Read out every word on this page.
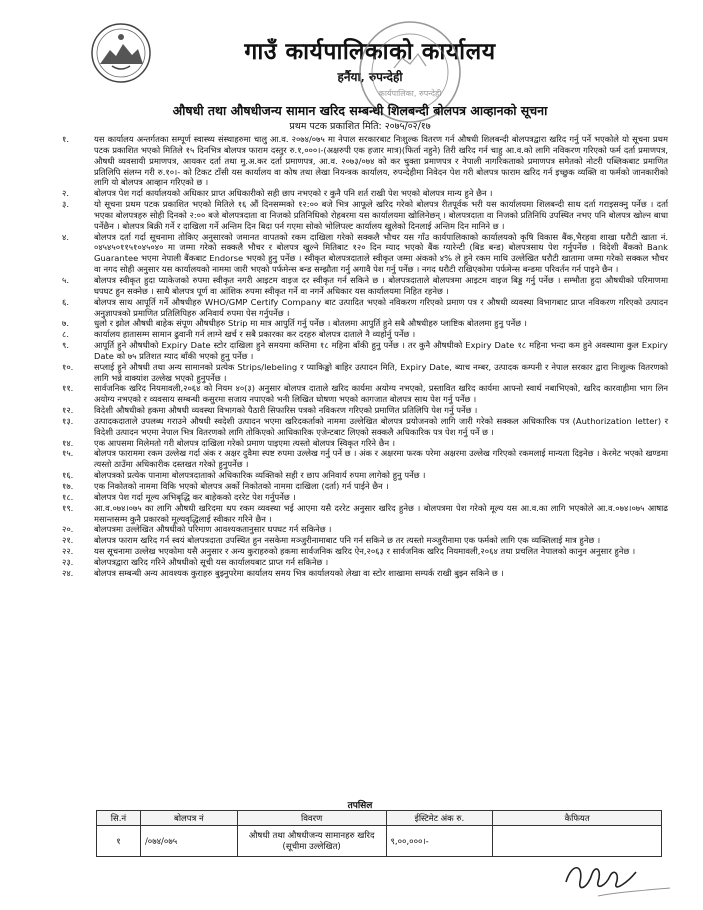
गाउँ कार्यपालिकाको कार्यालय
हर्नैया, रुपन्देही
कार्यपालिका, रुपन्देही
औषधी तथा औषधीजन्य सामान खरिद सम्बन्धी शिलबन्दी बोलपत्र आव्हानको सूचना
प्रथम पटक प्रकाशित मिति: २०७५/०२/१७
१.	यस कार्यालय अन्तर्गतका सम्पूर्ण स्वास्थ्य संस्थाहरुमा चालु आ.व. २०७४/०७५ मा नेपाल सरकारबाट निःशुल्क वितरण गर्न औषधी शिलबन्दी बोलपत्रद्वारा खरिद गर्नु पर्ने भएकोले यो सूचना प्रथम पटक प्रकाशित भएको मितिले १५ दिनभित्र बोलपत्र फाराम दस्तुर रु.१,०००।-(अक्षरुपी एक हजार मात्र)(फिर्ता नहुने) तिरी खरिद गर्न चाहु आ.व.को लागि नविकरण गरिएको फर्म दर्ता प्रमाणपत्र, औषधी व्यवसायी प्रमाणपत्र, आयकर दर्ता तथा मु.अ.कर दर्ता प्रमाणपत्र, आ.व. २०७३/०७४ को कर चुक्ता प्रमाणपत्र र नेपाली नागरिकताको प्रमाणपत्र समेतको नोटरी पब्लिकबाट प्रमाणित प्रतिलिपि संलग्न गरी रु.१०।- को टिकट टाँसी यस कार्यालय वा कोष तथा लेखा नियन्त्रक कार्यालय, रुपन्देहीमा निवेदन पेश गरी बोलपत्र फाराम खरिद गर्न इच्छुक व्यक्ति वा फर्मको जानकारीको लागि यो बोलपत्र आव्हान गरिएको छ ।
२.	बोलपत्र पेश गर्दा कार्यालयको अधिकार प्राप्त अधिकारीको सही छाप नभएको र कुनै पनि शर्त राखी पेश भएको बोलपत्र मान्य हुने छैन ।
३.	यो सूचना प्रथम पटक प्रकाशित भएको मितिले १६ औं दिनसम्मको १२:०० बजे भित्र आफूले खरिद गरेको बोलपत्र रीतपूर्वक भरी यस कार्यालयमा शिलबन्दी साथ दर्ता गराइसक्नु पर्नेछ । दर्ता भएका बोलपत्रहरु सोही दिनको २:०० बजे बोलपत्रदाता वा निजको प्रतिनिधिको रोहबरमा यस कार्यालयमा खोलिनेछन् । बोलपत्रदाता वा निजको प्रतिनिधि उपस्थित नभए पनि बोलपत्र खोल्न बाधा पर्नेछैन । बोलपत्र बिक्री गर्ने र दाखिला गर्ने अन्तिम दिन बिदा पर्न गएमा सोको भोलिपल्ट कार्यालय खुलेको दिनलाई अन्तिम दिन मानिने छ ।
४.	बोलपत्र दर्ता गर्दा सूचनामा तोकिए अनुसारको जमानत वापतको रकम दाखिला गरेको सक्कलै भौचर यस गाँउ कार्यपालिकाको कार्यालयको कृषि विकास बैंक,भैरहवा शाखा धरौटी खाता नं. ०४५४५०११५१०४५०४० मा जम्मा गरेको सक्कलै भौचर र बोलपत्र खुल्ने मितिबाट १२० दिन म्याद भएको बैंक ग्यारेन्टी (बिड बन्ड) बोलपत्रसाथ पेश गर्नुपर्नेछ । विदेशी बैंकको Bank Guarantee भएमा नेपाली बैंकबाट Endorse भएको हुनु पर्नेछ । स्वीकृत बोलपत्रदाताले स्वीकृत जम्मा अंकको ४% ले हुने रकम माथि उल्लेखित धरौटी खातामा जम्मा गरेको सक्कल भौचर वा नगद सोही अनुसार यस कार्यालयको नाममा जारी भएको पर्फमेन्स बन्ड सम्झौता गर्नु अगावै पेश गर्नु पर्नेछ । नगद धरौटी राखिएकोमा पर्फमेन्स बन्डमा परिवर्तन गर्न पाइने छैन ।
५.	बोलपत्र स्वीकृत हुदा प्याकेजको रुपमा स्वीकृत नगरी आइटम वाइज दर स्वीकृत गर्न सकिने छ । बोलपत्रदाताले बोलपत्रमा आइटम वाइज बिड्ड गर्नु पर्नेछ । सम्भौता हुदा औषधीको परिमाणमा घपघट हुन सक्नेछ । साथै बोलपत्र पूर्ण वा आंशिक रुपमा स्वीकृत गर्ने वा नगर्ने अधिकार यस कार्यालयमा निहित रहनेछ ।
६.	बोलपत्र साथ आपूर्ति गर्ने औषधीहरु WHO/GMP Certify Company बाट उत्पादित भएको नविकरण गरिएको प्रमाण पत्र र औषधी व्यवस्था विभागबाट प्राप्त नविकरण गरिएको उत्पादन अनुज्ञापत्रको प्रमाणित प्रतिलिपिहरु अनिवार्य रुपमा पेस गर्नुपर्नेछ ।
७.	धुलो र झोल औषधी बाहेक संपूण औषधीहरु Strip मा मात्र आपुर्ति गर्नु पर्नेछ । बोतलमा आपुर्ति हुने सबै औषधीहरु प्लाष्टिक बोतलमा हुनु पर्नेछ ।
८.	कार्यालय हातासम्म सामान ढुवानी गर्न लाग्ने खर्च र सबै प्रकारका कर दरहरु बोलपत्र दाताले नै व्यहोर्नु पर्नेछ ।
९.	आपूर्ति हुने औषधीको Expiry Date स्टोर दाखिला हुने समयमा कम्तिमा १८ महिना बाँकी हुनु पर्नेछ । तर कुनै औषधीको Expiry Date १८ महिना भन्दा कम हुने अवस्थामा कुल Expiry Date को ७५ प्रतिशत म्याद बाँकी भएको हुनु पर्नेछ ।
१०.	सप्लाई हुने औषधी तथा अन्य सामानको प्रत्येक Strips/lebeling र प्याकिङ्को बाहिर उत्पादन मिति, Expiry Date, ब्याच नम्बर, उत्पादक कम्पनी र नेपाल सरकार द्वारा निःशुल्क वितरणको लागि भन्ने वाक्यांश उल्लेख भएको हुनुपर्नेछ ।
११.	सार्वजनिक खरिद नियमावली,२०६४ को नियम ४०(३) अनुसार बोलपत्र दाताले खरिद कार्यमा अयोग्य नभएको, प्रस्तावित खरिद कार्यमा आफ्नो स्वार्थ नबाभिएको, खरिद कारवाहीमा भाग लिन अयोग्य नभएको र व्यवसाय सम्बन्धी कसुरमा सजाय नपाएको भनी लिखित घोषणा भएको कागजात बोलपत्र साथ पेश गर्नु पर्नेछ ।
१२.	विदेशी औषधीको हकमा औषधी व्यवस्था विभागको पैठारी सिफारिस पत्रको नविकरण गरिएको प्रमाणित प्रतिलिपि पेश गर्नु पर्नेछ ।
१३.	उत्पादकदाताले उपलब्ध गराउने औषधी स्वदेशी उत्पादन भएमा खरिदकर्ताको नाममा उल्लेखित बोलपत्र प्रयोजनको लागि जारी गरेको सक्कल अधिकारिक पत्र (Authorization letter) र विदेशी उत्पादन भएमा नेपाल भित्र वितरणको लागि तोकिएको आधिकारिक एजेन्टबाट लिएको सक्कलै अधिकारिक पत्र पेश गर्नु पर्ने छ ।
१४.	एक आपसमा मिलेमतो गरी बोलपत्र दाखिला गरेको प्रमाण पाइएमा त्यस्तो बोलपत्र स्विकृत गरिने छैन ।
१५.	बोलपत्र फाराममा रकम उल्लेख गर्दा अंक र अक्षर दुवैमा स्पष्ट रुपमा उल्लेख गर्नु पर्ने छ । अंक र अक्षरमा फरक परेमा अक्षरमा उल्लेख गरिएको रकमलाई मान्यता दिइनेछ । केरमेट भएको खण्डमा त्यस्तो ठाउँमा अधिकारीक दस्तखत गरेको हुनुपर्नेछ ।
१६.	बोलपत्रको प्रत्येक पानामा बोलपत्रदाताको अधिकारिक व्यक्तिको सही र छाप अनिवार्य रुपमा लागेको हुनु पर्नेछ ।
१७.	एक निकोतको नाममा विकि भएको बोलपत्र अर्को निकोतको नाममा दाखिला (दर्ता) गर्न पाईने छैन ।
१८.	बोलपत्र पेश गर्दा मूल्य अभिबृद्धि कर बाहेकको दररेट पेश गर्नुपर्नेछ ।
१९.	आ.व.०७४।०७५ का लागि औषधी खरिदमा थप रकम व्यवस्था भई आएमा यसै दररेट अनुसार खरिद हुनेछ । बोलपत्रमा पेश गरेको मूल्य यस आ.व.का लागि भएकोले आ.व.०७४।०७५ आषाढ मसान्तसम्म कुनै प्रकारको मूल्यवृद्धिलाई स्वीकार गरिने छैन ।
२०.	बोलपत्रमा उल्लेखित औषधीको परिमाण आवश्यकतानुसार घपघट गर्न सकिनेछ ।
२१.	बोलपत्र फाराम खरिद गर्न स्वयं बोलपत्रदाता उपस्थित हुन नसकेमा मञ्जुरीनामाबाट पनि गर्न सकिने छ तर त्यस्तो मञ्जुरीनामा एक फर्मको लागि एक व्यक्तिलाई मात्र हुनेछ ।
२२.	यस सूचनामा उल्लेख भएकोमा यसै अनुसार र अन्य कुराहरुको हकमा सार्वजनिक खरिद ऐन,२०६३ र सार्वजनिक खरिद नियमावली,२०६४ तथा प्रचलित नेपालको कानुन अनुसार हुनेछ ।
२३.	बोलपत्रद्वारा खरिद गरिने औषधीको सूची यस कार्यालयबाट प्राप्त गर्न सकिनेछ ।
२४.	बोलपत्र सम्बन्धी अन्य आवश्यक कुराहरु बुझ्नुपरेमा कार्यालय समय भित्र कार्यालयको लेखा वा स्टोर शाखामा सम्पर्क राखी बुझ्न सकिने छ ।
तपसिल
सि.नं	बोलपत्र नं	विवरण	ईस्टिमेट अंक रु.	कैफियत
१	/०७४/०७५	औषधी तथा औषधीजन्य सामानहरु खरिद (सूचीमा उल्लेखित)	९,००,०००।-	
